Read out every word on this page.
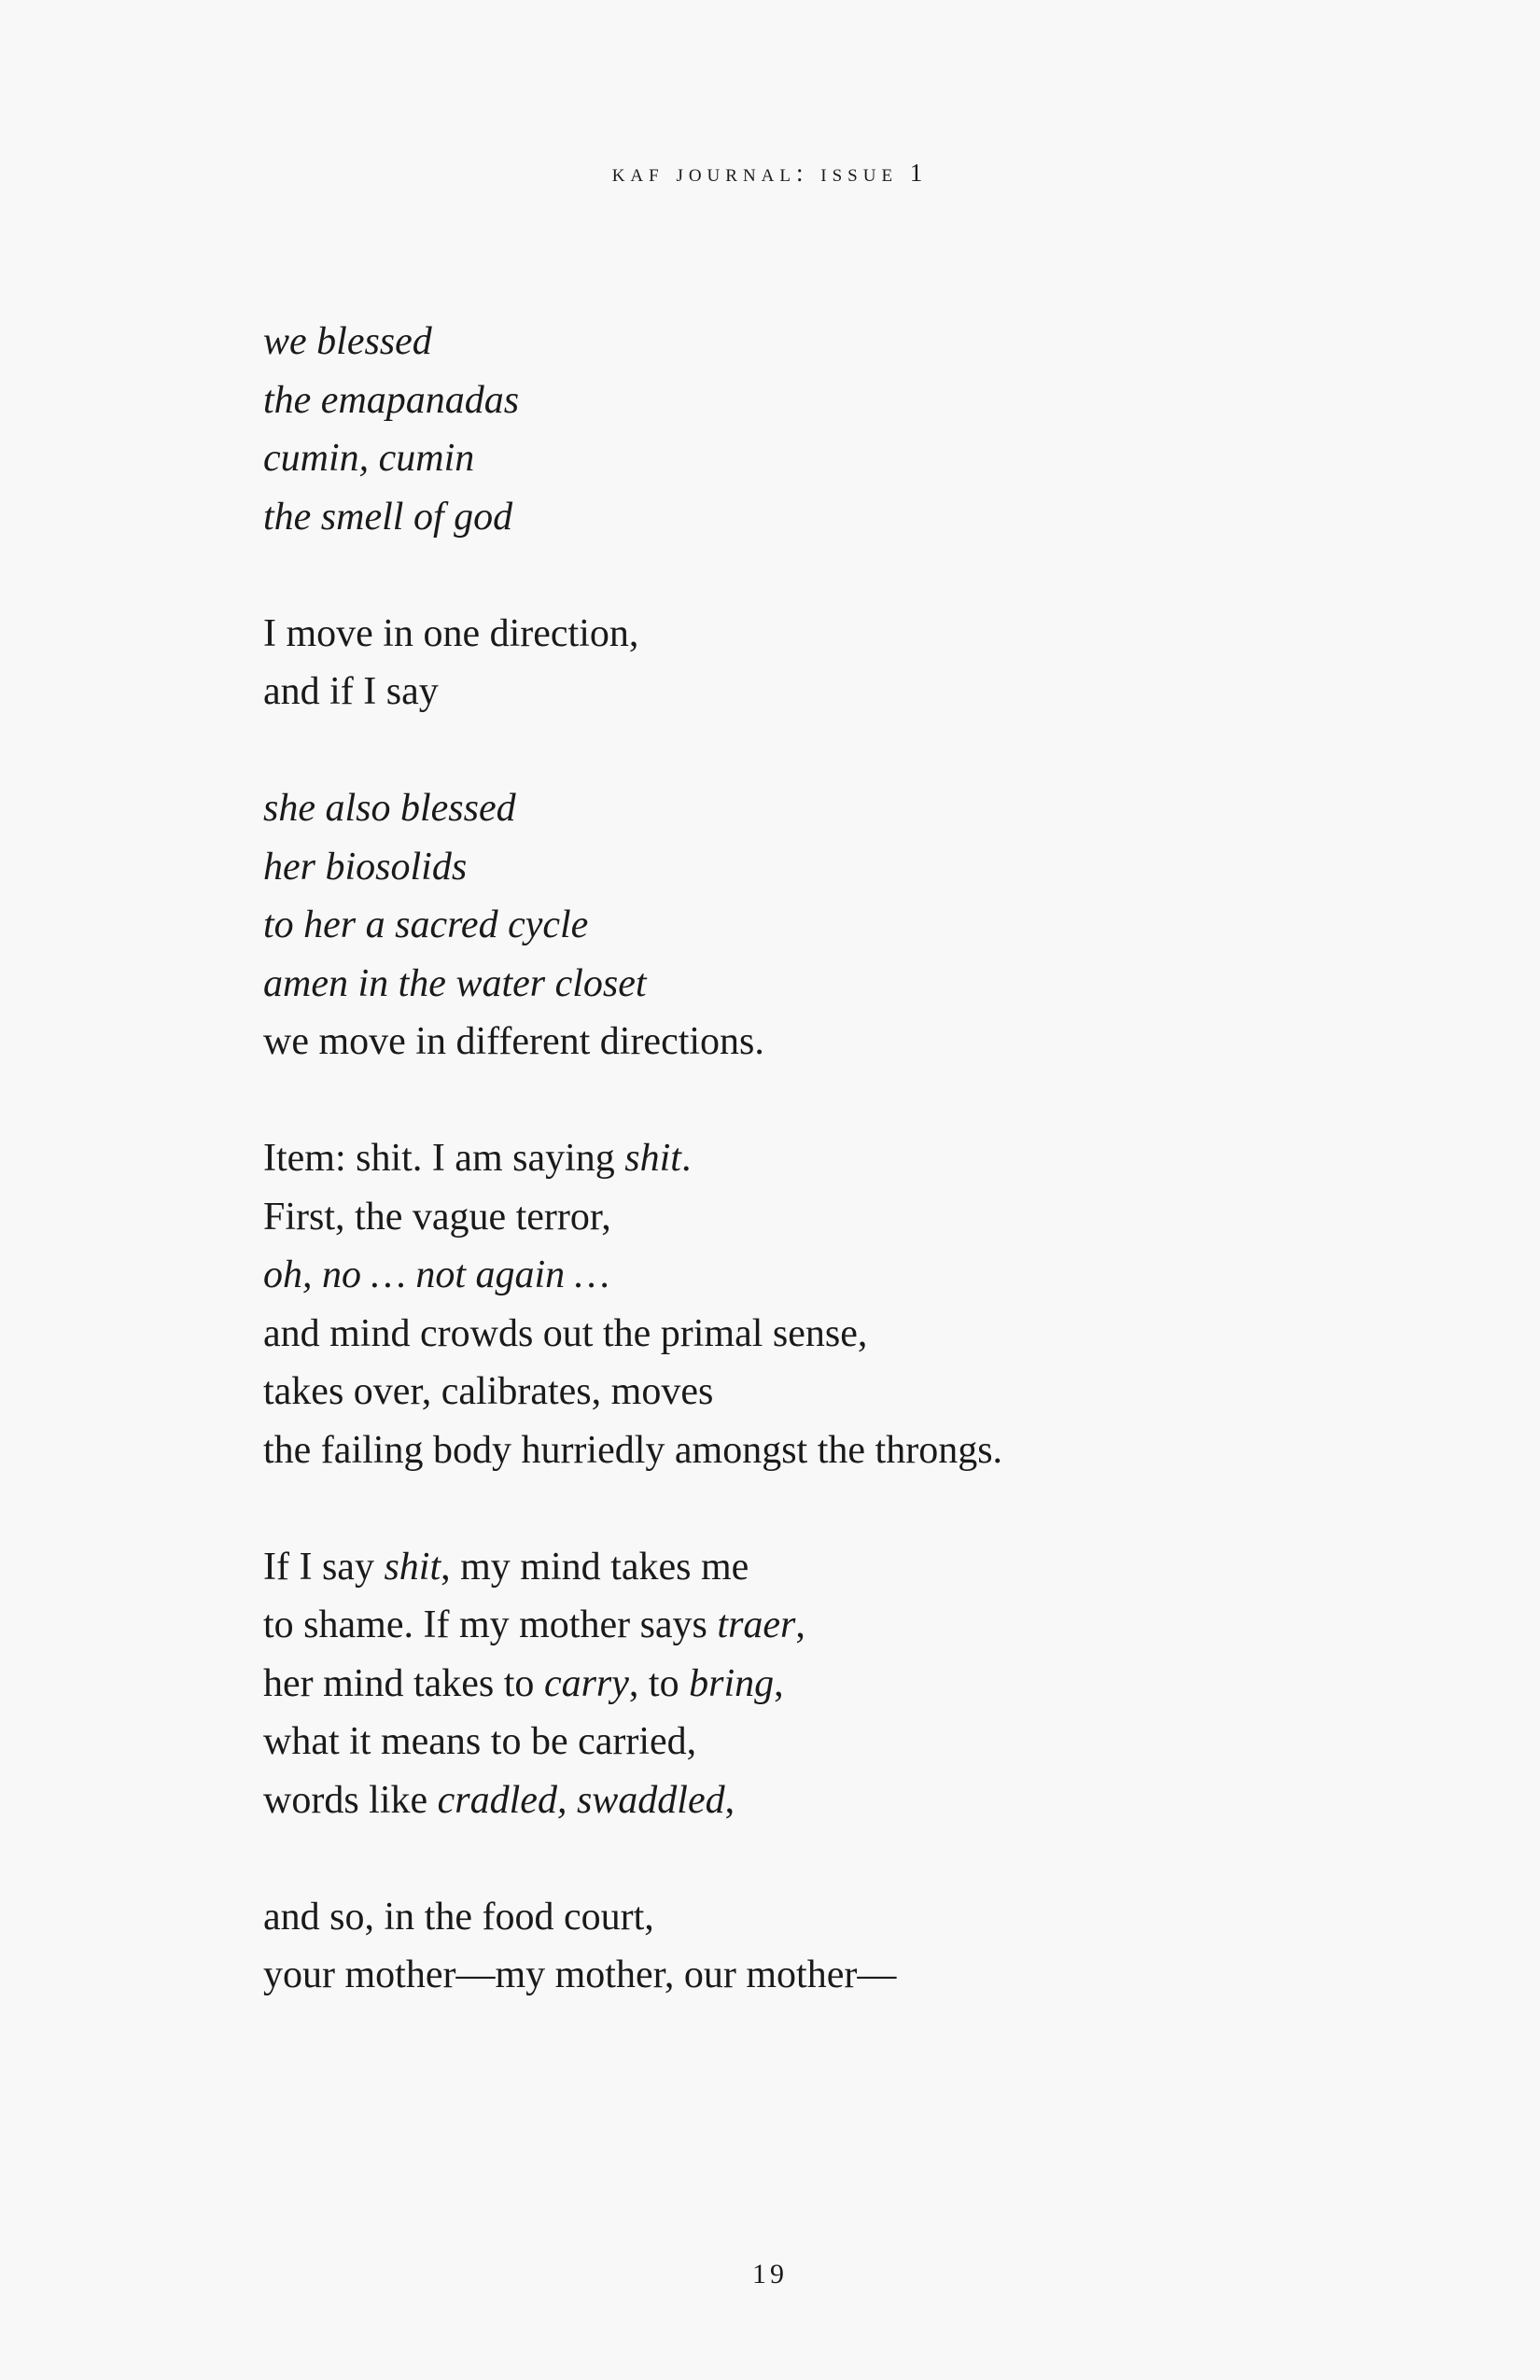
kaf journal: issue 1
we blessed
the emapanadas
cumin, cumin
the smell of god
I move in one direction,
and if I say
she also blessed
her biosolids
to her a sacred cycle
amen in the water closet
we move in different directions.
Item: shit. I am saying shit.
First, the vague terror,
oh, no … not again …
and mind crowds out the primal sense,
takes over, calibrates, moves
the failing body hurriedly amongst the throngs.
If I say shit, my mind takes me
to shame. If my mother says traer,
her mind takes to carry, to bring,
what it means to be carried,
words like cradled, swaddled,
and so, in the food court,
your mother—my mother, our mother—
19
